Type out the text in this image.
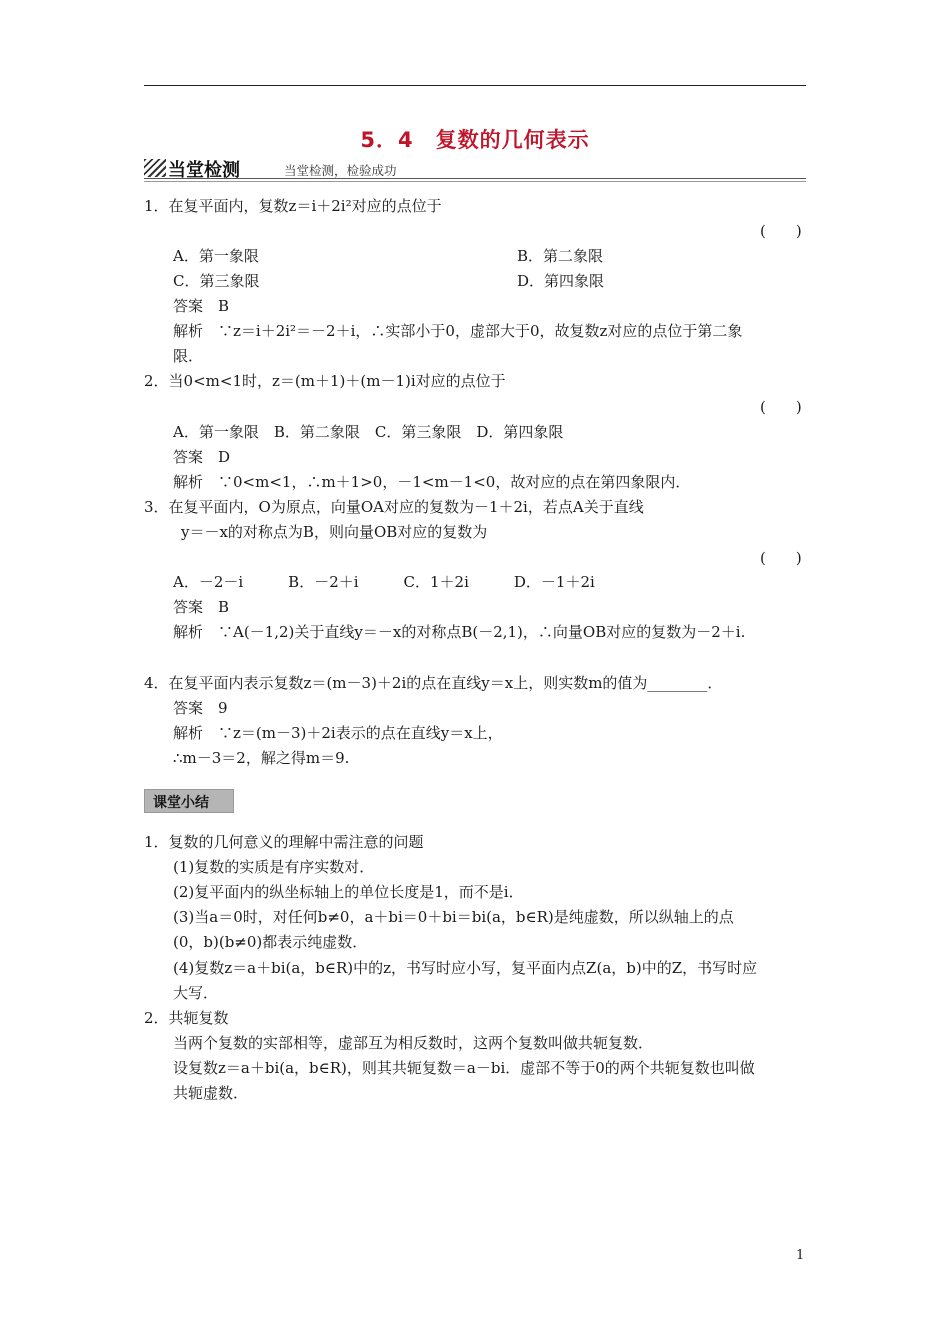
5．4　复数的几何表示
当堂检测	当堂检测，检验成功
1．在复平面内，复数z＝i＋2i²对应的点位于
(　　)
A．第一象限	B．第二象限
C．第三象限	D．第四象限
答案　B
解析　∵z＝i＋2i²＝－2＋i，∴实部小于0，虚部大于0，故复数z对应的点位于第二象
限．
2．当0<m<1时，z＝(m＋1)＋(m－1)i对应的点位于
(　　)
A．第一象限　B．第二象限　C．第三象限　D．第四象限
答案　D
解析　∵0<m<1，∴m＋1>0，－1<m－1<0，故对应的点在第四象限内．
3．在复平面内，O为原点，向量OA对应的复数为－1＋2i，若点A关于直线
y＝－x的对称点为B，则向量OB对应的复数为
(　　)
A．－2－i　　　B．－2＋i　　　C．1＋2i　　　D．－1＋2i
答案　B
解析　∵A(－1,2)关于直线y＝－x的对称点B(－2,1)，∴向量OB对应的复数为－2＋i.
4．在复平面内表示复数z＝(m－3)＋2i的点在直线y＝x上，则实数m的值为________．
答案　9
解析　∵z＝(m－3)＋2i表示的点在直线y＝x上，
∴m－3＝2，解之得m＝9.
课堂小结
1．复数的几何意义的理解中需注意的问题
(1)复数的实质是有序实数对．
(2)复平面内的纵坐标轴上的单位长度是1，而不是i．
(3)当a＝0时，对任何b≠0，a＋bi＝0＋bi＝bi(a，b∈R)是纯虚数，所以纵轴上的点
(0，b)(b≠0)都表示纯虚数．
(4)复数z＝a＋bi(a，b∈R)中的z，书写时应小写，复平面内点Z(a，b)中的Z，书写时应
大写．
2．共轭复数
当两个复数的实部相等，虚部互为相反数时，这两个复数叫做共轭复数．
设复数z＝a＋bi(a，b∈R)，则其共轭复数＝a－bi．虚部不等于0的两个共轭复数也叫做
共轭虚数．
1
